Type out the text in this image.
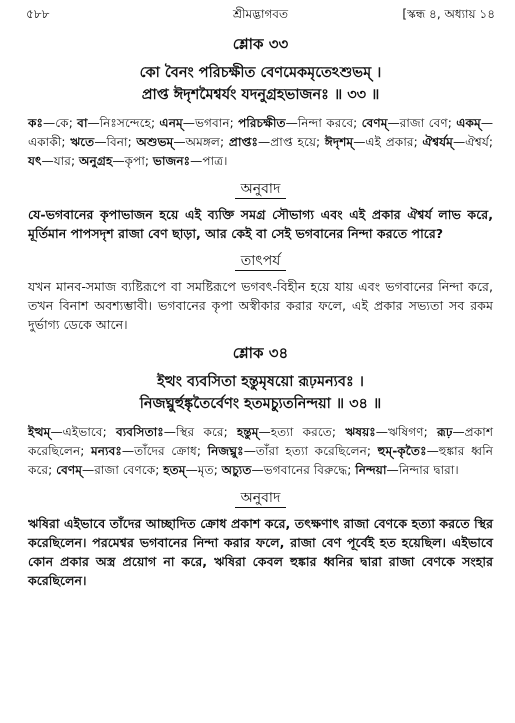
৫৮৮	শ্রীমদ্ভাগবত	[স্কন্ধ ৪, অধ্যায় ১৪
শ্লোক ৩৩
কো বৈনং পরিচক্ষীত বেণমেকমৃতেঽশুভম্ ।
প্রাপ্ত ঈদৃশমৈশ্বর্যং যদনুগ্রহভাজনঃ ॥ ৩৩ ॥
কঃ—কে; বা—নিঃসন্দেহে; এনম্—ভগবান; পরিচক্ষীত—নিন্দা করবে; বেণম্—রাজা বেণ; একম্—একাকী; ঋতে—বিনা; অশুভম্—অমঙ্গল; প্রাপ্তঃ—প্রাপ্ত হয়ে; ঈদৃশম্—এই প্রকার; ঐশ্বর্যম্—ঐশ্বর্য; যৎ—যার; অনুগ্রহ—কৃপা; ভাজনঃ—পাত্র।
অনুবাদ
যে-ভগবানের কৃপাভাজন হয়ে এই ব্যক্তি সমগ্র সৌভাগ্য এবং এই প্রকার ঐশ্বর্য লাভ করে, মূর্তিমান পাপসদৃশ রাজা বেণ ছাড়া, আর কেই বা সেই ভগবানের নিন্দা করতে পারে?
তাৎপর্য
যখন মানব-সমাজ ব্যষ্টিরূপে বা সমষ্টিরূপে ভগবৎ-বিহীন হয়ে যায় এবং ভগবানের নিন্দা করে, তখন বিনাশ অবশ্যম্ভাবী। ভগবানের কৃপা অস্বীকার করার ফলে, এই প্রকার সভ্যতা সব রকম দুর্ভাগ্য ডেকে আনে।
শ্লোক ৩৪
ইত্থং ব্যবসিতা হন্তুমৃষয়ো রূঢ়মন্যবঃ ।
নিজঘ্নুর্হুঙ্কৃতৈর্বেণং হতমচ্যুতনিন্দয়া ॥ ৩৪ ॥
ইত্থম্—এইভাবে; ব্যবসিতাঃ—স্থির করে; হন্তুম্—হত্যা করতে; ঋষয়ঃ—ঋষিগণ; রূঢ়—প্রকাশ করেছিলেন; মন্যবঃ—তাঁদের ক্রোধ; নিজঘ্নুঃ—তাঁরা হত্যা করেছিলেন; হুম্-কৃতৈঃ—হুঙ্কার ধ্বনি করে; বেণম্—রাজা বেণকে; হতম্—মৃত; অচ্যুত—ভগবানের বিরুদ্ধে; নিন্দয়া—নিন্দার দ্বারা।
অনুবাদ
ঋষিরা এইভাবে তাঁদের আচ্ছাদিত ক্রোধ প্রকাশ করে, তৎক্ষণাৎ রাজা বেণকে হত্যা করতে স্থির করেছিলেন। পরমেশ্বর ভগবানের নিন্দা করার ফলে, রাজা বেণ পূর্বেই হত হয়েছিল। এইভাবে কোন প্রকার অস্ত্র প্রয়োগ না করে, ঋষিরা কেবল হুঙ্কার ধ্বনির দ্বারা রাজা বেণকে সংহার করেছিলেন।
